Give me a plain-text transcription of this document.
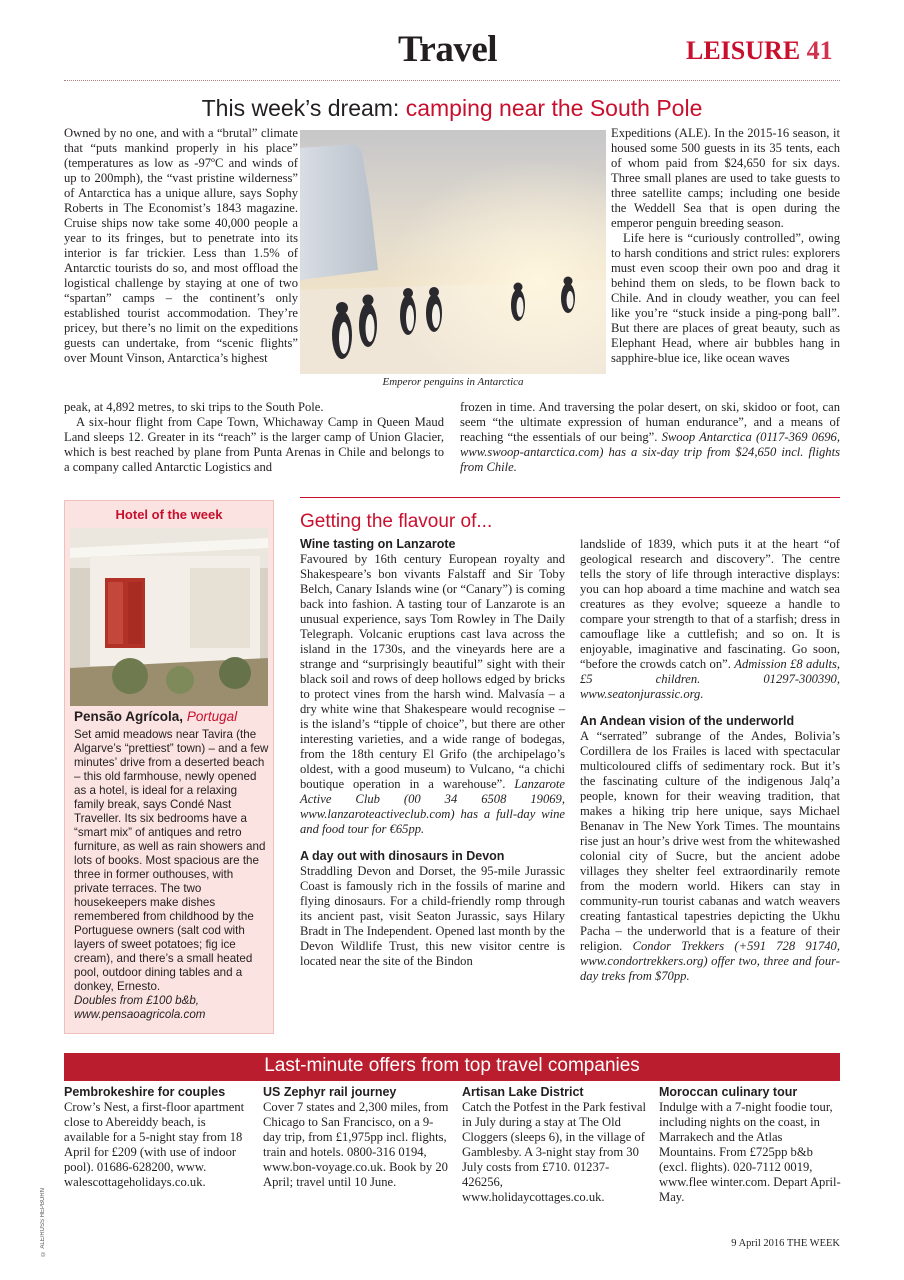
Travel	LEISURE 41
This week’s dream: camping near the South Pole
Emperor penguins in Antarctica

Owned by no one, and with a “brutal” climate that “puts mankind properly in his place” (temperatures as low as -97ºC and winds of up to 200mph), the “vast pristine wilderness” of Antarctica has a unique allure, says Sophy Roberts in The Economist’s 1843 magazine. Cruise ships now take some 40,000 people a year to its fringes, but to penetrate into its interior is far trickier. Less than 1.5% of Antarctic tourists do so, and most offload the logistical challenge by staying at one of two “spartan” camps – the continent’s only established tourist accommodation. They’re pricey, but there’s no limit on the expeditions guests can undertake, from “scenic flights” over Mount Vinson, Antarctica’s highest

Expeditions (ALE). In the 2015-16 season, it housed some 500 guests in its 35 tents, each of whom paid from $24,650 for six days. Three small planes are used to take guests to three satellite camps; including one beside the Weddell Sea that is open during the emperor penguin breeding season.

Life here is “curiously controlled”, owing to harsh conditions and strict rules: explorers must even scoop their own poo and drag it behind them on sleds, to be flown back to Chile. And in cloudy weather, you can feel like you’re “stuck inside a ping-pong ball”. But there are places of great beauty, such as Elephant Head, where air bubbles hang in sapphire-blue ice, like ocean waves

peak, at 4,892 metres, to ski trips to the South Pole.

A six-hour flight from Cape Town, Whichaway Camp in Queen Maud Land sleeps 12. Greater in its “reach” is the larger camp of Union Glacier, which is best reached by plane from Punta Arenas in Chile and belongs to a company called Antarctic Logistics and

frozen in time. And traversing the polar desert, on ski, skidoo or foot, can seem “the ultimate expression of human endurance”, and a means of reaching “the essentials of our being”. Swoop Antarctica (0117-369 0696, www.swoop-antarctica.com) has a six-day trip from $24,650 incl. flights from Chile.

Hotel of the week
Pensão Agrícola, Portugal

Set amid meadows near Tavira (the Algarve’s “prettiest” town) – and a few minutes’ drive from a deserted beach – this old farmhouse, newly opened as a hotel, is ideal for a relaxing family break, says Condé Nast Traveller. Its six bedrooms have a “smart mix” of antiques and retro furniture, as well as rain showers and lots of books. Most spacious are the three in former outhouses, with private terraces. The two housekeepers make dishes remembered from childhood by the Portuguese owners (salt cod with layers of sweet potatoes; fig ice cream), and there’s a small heated pool, outdoor dining tables and a donkey, Ernesto.

Doubles from £100 b&b, www.pensaoagricola.com

Getting the flavour of...
Wine tasting on Lanzarote

Favoured by 16th century European royalty and Shakespeare’s bon vivants Falstaff and Sir Toby Belch, Canary Islands wine (or “Canary”) is coming back into fashion. A tasting tour of Lanzarote is an unusual experience, says Tom Rowley in The Daily Telegraph. Volcanic eruptions cast lava across the island in the 1730s, and the vineyards here are a strange and “surprisingly beautiful” sight with their black soil and rows of deep hollows edged by bricks to protect vines from the harsh wind. Malvasía – a dry white wine that Shakespeare would recognise – is the island’s “tipple of choice”, but there are other interesting varieties, and a wide range of bodegas, from the 18th century El Grifo (the archipelago’s oldest, with a good museum) to Vulcano, “a chichi boutique operation in a warehouse”. Lanzarote Active Club (00 34 6508 19069, www.lanzaroteactiveclub.com) has a full-day wine and food tour for €65pp.

A day out with dinosaurs in Devon

Straddling Devon and Dorset, the 95-mile Jurassic Coast is famously rich in the fossils of marine and flying dinosaurs. For a child-friendly romp through its ancient past, visit Seaton Jurassic, says Hilary Bradt in The Independent. Opened last month by the Devon Wildlife Trust, this new visitor centre is located near the site of the Bindon

landslide of 1839, which puts it at the heart “of geological research and discovery”. The centre tells the story of life through interactive displays: you can hop aboard a time machine and watch sea creatures as they evolve; squeeze a handle to compare your strength to that of a starfish; dress in camouflage like a cuttlefish; and so on. It is enjoyable, imaginative and fascinating. Go soon, “before the crowds catch on”. Admission £8 adults, £5 children. 01297-300390, www.seatonjurassic.org.

An Andean vision of the underworld

A “serrated” subrange of the Andes, Bolivia’s Cordillera de los Frailes is laced with spectacular multicoloured cliffs of sedimentary rock. But it’s the fascinating culture of the indigenous Jalq’a people, known for their weaving tradition, that makes a hiking trip here unique, says Michael Benanav in The New York Times. The mountains rise just an hour’s drive west from the whitewashed colonial city of Sucre, but the ancient adobe villages they shelter feel extraordinarily remote from the modern world. Hikers can stay in community-run tourist cabanas and watch weavers creating fantastical tapestries depicting the Ukhu Pacha – the underworld that is a feature of their religion. Condor Trekkers (+591 728 91740, www.condortrekkers.org) offer two, three and four-day treks from $70pp.

Last-minute offers from top travel companies
Pembrokeshire for couples
Crow’s Nest, a first-floor apartment close to Abereiddy beach, is available for a 5-night stay from 18 April for £209 (with use of indoor pool). 01686-628200, www. walescottageholidays.co.uk.
US Zephyr rail journey
Cover 7 states and 2,300 miles, from Chicago to San Francisco, on a 9-day trip, from £1,975pp incl. flights, train and hotels. 0800-316 0194, www.bon-voyage.co.uk. Book by 20 April; travel until 10 June.
Artisan Lake District
Catch the Potfest in the Park festival in July during a stay at The Old Cloggers (sleeps 6), in the village of Gamblesby. A 3-night stay from 30 July costs from £710. 01237-426256, www.holidaycottages.co.uk.
Moroccan culinary tour
Indulge with a 7-night foodie tour, including nights on the coast, in Marrakech and the Atlas Mountains. From £725pp b&b (excl. flights). 020-7112 0019, www.flee winter.com. Depart April-May.
© ALE/RUSS HEPBURN	9 April 2016 THE WEEK
